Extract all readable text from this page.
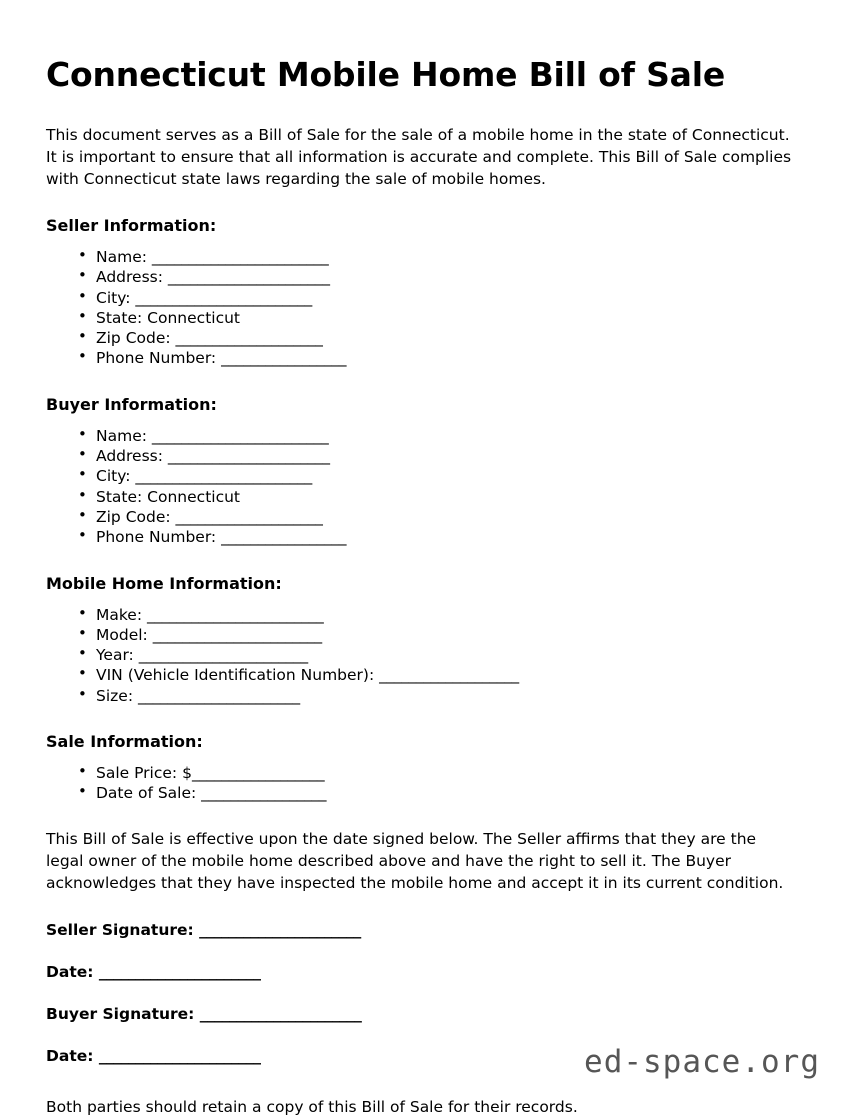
Connecticut Mobile Home Bill of Sale

This document serves as a Bill of Sale for the sale of a mobile home in the state of Connecticut. It is important to ensure that all information is accurate and complete. This Bill of Sale complies with Connecticut state laws regarding the sale of mobile homes.

Seller Information:
• Name: ________________________
• Address: ______________________
• City: ________________________
• State: Connecticut
• Zip Code: ____________________
• Phone Number: _________________
Buyer Information:
• Name: ________________________
• Address: ______________________
• City: ________________________
• State: Connecticut
• Zip Code: ____________________
• Phone Number: _________________
Mobile Home Information:
• Make: ________________________
• Model: _______________________
• Year: _______________________
• VIN (Vehicle Identification Number): ___________________
• Size: ______________________
Sale Information:
• Sale Price: $__________________
• Date of Sale: _________________

This Bill of Sale is effective upon the date signed below. The Seller affirms that they are the legal owner of the mobile home described above and have the right to sell it. The Buyer acknowledges that they have inspected the mobile home and accept it in its current condition.

Seller Signature: ______________________
Date: ______________________
Buyer Signature: ______________________
Date: ______________________

Both parties should retain a copy of this Bill of Sale for their records.

ed-space.org
